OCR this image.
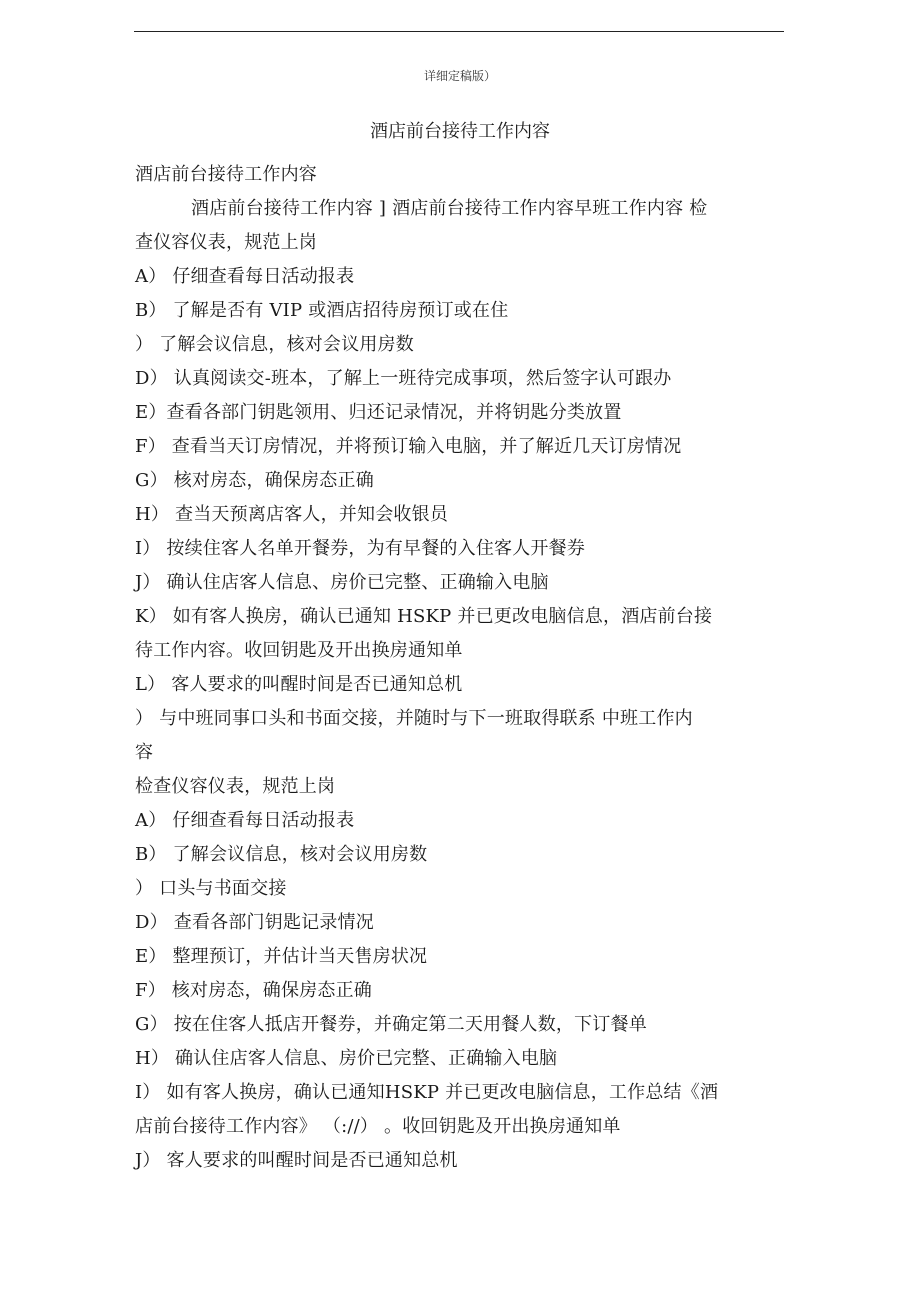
详细定稿版）
酒店前台接待工作内容
酒店前台接待工作内容
酒店前台接待工作内容 ] 酒店前台接待工作内容早班工作内容 检
查仪容仪表，规范上岗
A） 仔细查看每日活动报表
B） 了解是否有 VIP 或酒店招待房预订或在住
） 了解会议信息，核对会议用房数
D） 认真阅读交-班本，了解上一班待完成事项，然后签字认可跟办
E）查看各部门钥匙领用、归还记录情况，并将钥匙分类放置
F） 查看当天订房情况，并将预订输入电脑，并了解近几天订房情况
G） 核对房态，确保房态正确
H） 查当天预离店客人，并知会收银员
I） 按续住客人名单开餐券，为有早餐的入住客人开餐券
J） 确认住店客人信息、房价已完整、正确输入电脑
K） 如有客人换房，确认已通知 HSKP 并已更改电脑信息，酒店前台接
待工作内容。收回钥匙及开出换房通知单
L） 客人要求的叫醒时间是否已通知总机
） 与中班同事口头和书面交接，并随时与下一班取得联系 中班工作内
容
检查仪容仪表，规范上岗
A） 仔细查看每日活动报表
B） 了解会议信息，核对会议用房数
） 口头与书面交接
D） 查看各部门钥匙记录情况
E） 整理预订，并估计当天售房状况
F） 核对房态，确保房态正确
G） 按在住客人抵店开餐券，并确定第二天用餐人数，下订餐单
H） 确认住店客人信息、房价已完整、正确输入电脑
I） 如有客人换房，确认已通知HSKP 并已更改电脑信息，工作总结《酒
店前台接待工作内容》 （://） 。收回钥匙及开出换房通知单
J） 客人要求的叫醒时间是否已通知总机
